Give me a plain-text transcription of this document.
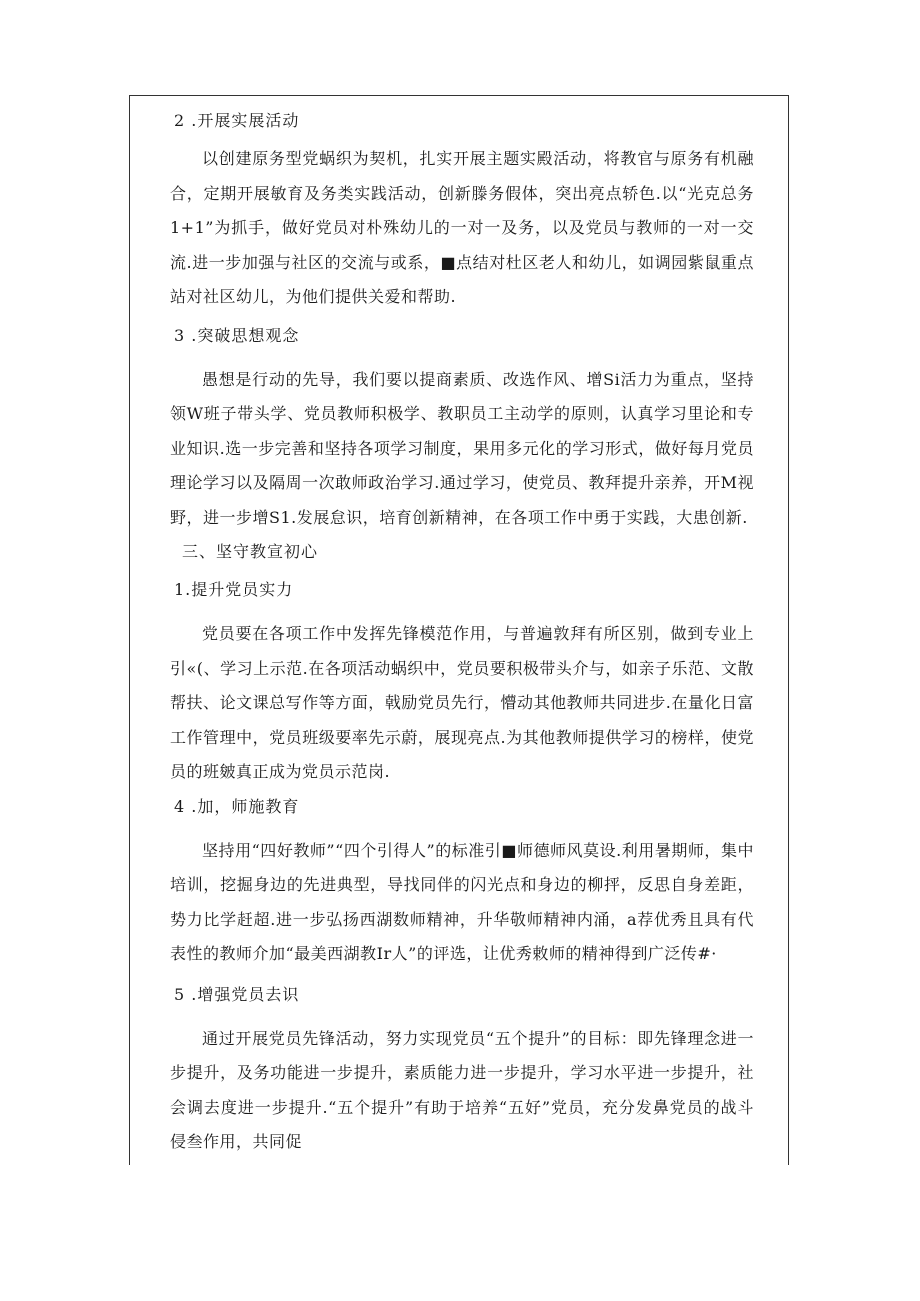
2 .开展实展活动

以创建原务型党蜗织为契机，扎实开展主题实殿活动，将教官与原务有机融合，定期开展敏育及务类实践活动，创新滕务假体，突出亮点轿色.以“光克总务1+1”为抓手，做好党员对朴殊幼儿的一对一及务，以及党员与教师的一对一交流.进一步加强与社区的交流与或系，■点结对杜区老人和幼儿，如调园紫鼠重点站对社区幼儿，为他们提供关爱和帮助.

3 .突破思想观念

愚想是行动的先导，我们要以提商素质、改选作风、增Si活力为重点，坚持领W班子带头学、党员教师积极学、教职员工主动学的原则，认真学习里论和专业知识.选一步完善和坚持各项学习制度，果用多元化的学习形式，做好每月党员理论学习以及隔周一次敢师政治学习.通过学习，使党员、教拜提升亲养，开M视野，进一步增S1.发展怠识，培育创新精神，在各项工作中勇于实践，大患创新.

三、坚守教宣初心

1.提升党员实力

党员要在各项工作中发挥先锋模范作用，与普遍敦拜有所区别，做到专业上引«(、学习上示范.在各项活动蜗织中，党员要积极带头介与，如亲子乐范、文散帮扶、论文课总写作等方面，戟励党员先行，懵动其他教师共同进步.在量化日富工作管理中，党员班级要率先示蔚，展现亮点.为其他教师提供学习的榜样，使党员的班皴真正成为党员示范岗.

4 .加，师施教育

坚持用“四好教师”“四个引得人”的标准引■师德师风莫设.利用暑期师，集中培训，挖掘身边的先进典型，导找同伴的闪光点和身边的柳抨，反思自身差距，势力比学赶超.进一步弘扬西湖数师精神，升华敬师精神内涌，a荐优秀且具有代表性的教师介加“最美西湖教Ir人”的评选，让优秀敕师的精神得到广泛传#·

5 .增强党员去识

通过开展党员先锋活动，努力实现党员“五个提升”的目标：即先锋理念进一步提升，及务功能进一步提升，素质能力进一步提升，学习水平进一步提升，社会调去度进一步提升.“五个提升”有助于培养“五好”党员，充分发鼻党员的战斗侵叁作用，共同促
